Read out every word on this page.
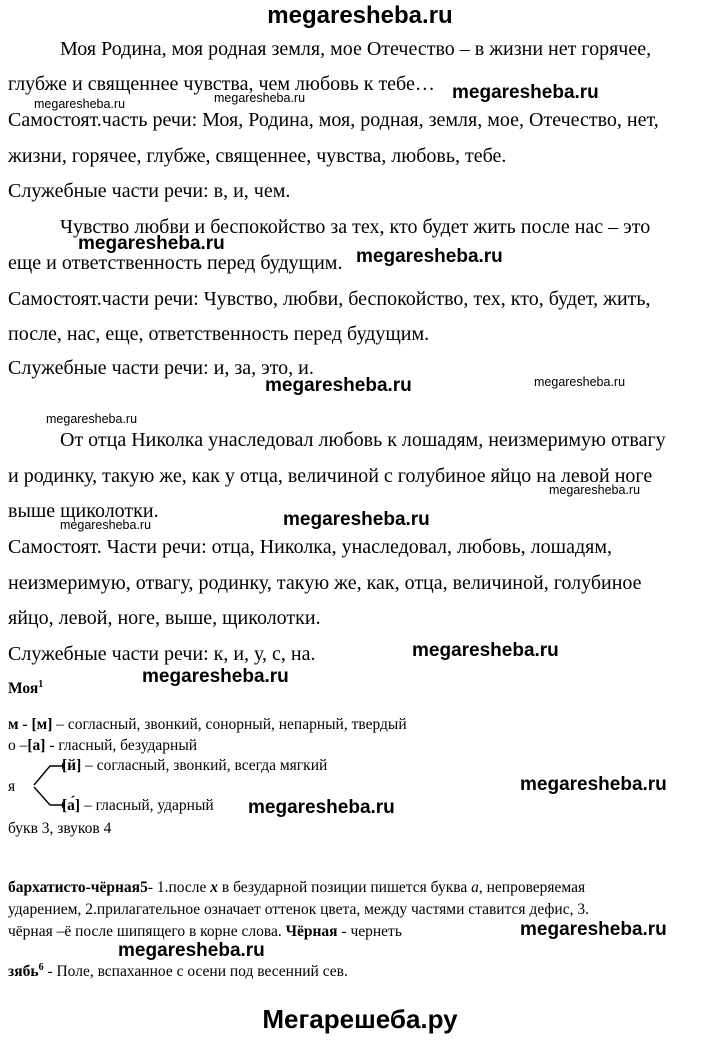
megaresheba.ru
Моя Родина, моя родная земля, мое Отечество – в жизни нет горячее,
глубже и священнее чувства, чем любовь к тебе…
Самостоят.часть речи: Моя, Родина, моя, родная, земля, мое, Отечество, нет,
жизни, горячее, глубже, священнее, чувства, любовь, тебе.
Служебные части речи: в, и, чем.
Чувство любви и беспокойство за тех, кто будет жить после нас – это
еще и ответственность перед будущим.
Самостоят.части речи: Чувство, любви, беспокойство, тех, кто, будет, жить,
после, нас, еще, ответственность перед будущим.
Служебные части речи: и, за, это, и.
От отца Николка унаследовал любовь к лошадям, неизмеримую отвагу
и родинку, такую же, как у отца, величиной с голубиное яйцо на левой ноге
выше щиколотки.
Самостоят. Части речи: отца, Николка, унаследовал, любовь, лошадям,
неизмеримую, отвагу, родинку, такую же, как, отца, величиной, голубиное
яйцо, левой, ноге, выше, щиколотки.
Служебные части речи: к, и, у, с, на.
Моя$^1$
м - [м] – согласный, звонкий, сонорный, непарный, твердый
о –[а] - гласный, безударный
я
[й] – согласный, звонкий, всегда мягкий
[а́] – гласный, ударный
букв 3, звуков 4
бархатисто-чёрная5- 1.после х в безударной позиции пишется буква а, непроверяемая
ударением, 2.прилагательное означает оттенок цвета, между частями ставится дефис, 3.
чёрная –ё после шипящего в корне слова. Чёрная - чернеть
зябь$^6$ - Поле, вспаханное с осени под весенний сев.
megaresheba.ru
megaresheba.ru
megaresheba.ru
megaresheba.ru
megaresheba.ru
megaresheba.ru
megaresheba.ru
megaresheba.ru
megaresheba.ru
megaresheba.ru
megaresheba.ru
megaresheba.ru	megaresheba.ru
megaresheba.ru
megaresheba.ru
megaresheba.ru
megaresheba.ru
Мегарешеба.ру
